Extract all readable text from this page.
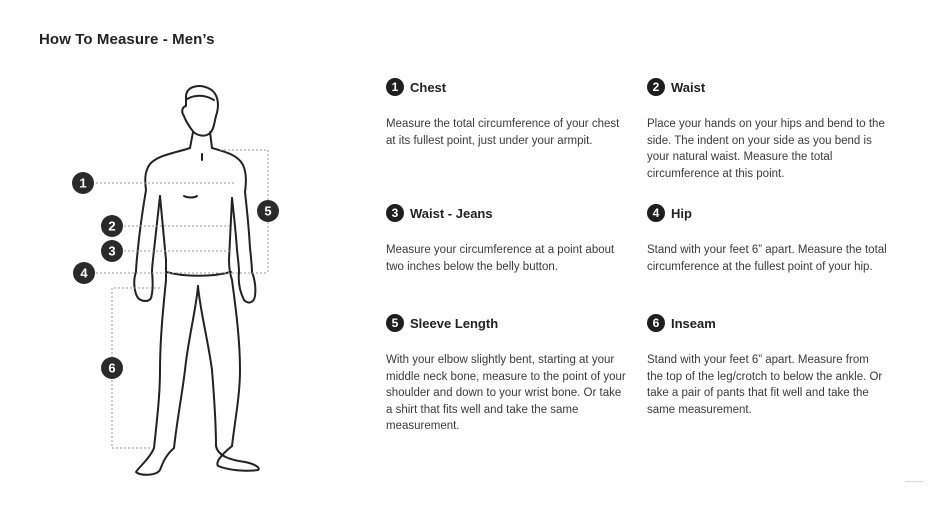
How To Measure - Men’s
1
2
3
4
5
6
1 Chest
Measure the total circumference of your chest at its fullest point, just under your armpit.
2 Waist
Place your hands on your hips and bend to the side. The indent on your side as you bend is your natural waist. Measure the total circumference at this point.
3 Waist - Jeans
Measure your circumference at a point about two inches below the belly button.
4 Hip
Stand with your feet 6” apart. Measure the total circumference at the fullest point of your hip.
5 Sleeve Length
With your elbow slightly bent, starting at your middle neck bone, measure to the point of your shoulder and down to your wrist bone. Or take a shirt that fits well and take the same measurement.
6 Inseam
Stand with your feet 6” apart. Measure from the top of the leg/crotch to below the ankle. Or take a pair of pants that fit well and take the same measurement.
